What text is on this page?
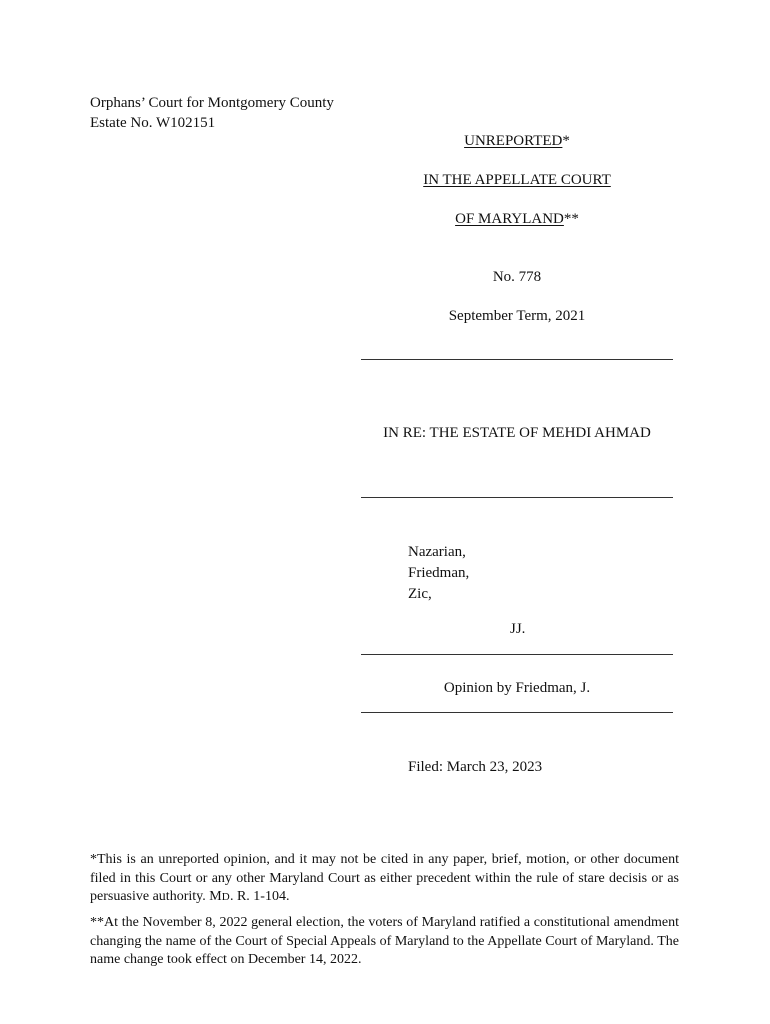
Orphans’ Court for Montgomery County
Estate No. W102151
UNREPORTED*
IN THE APPELLATE COURT
OF MARYLAND**
No. 778
September Term, 2021
IN RE: THE ESTATE OF MEHDI AHMAD
Nazarian,
Friedman,
Zic,
JJ.
Opinion by Friedman, J.
Filed: March 23, 2023
*This is an unreported opinion, and it may not be cited in any paper, brief, motion, or other document filed in this Court or any other Maryland Court as either precedent within the rule of stare decisis or as persuasive authority. MD. R. 1-104.
**At the November 8, 2022 general election, the voters of Maryland ratified a constitutional amendment changing the name of the Court of Special Appeals of Maryland to the Appellate Court of Maryland. The name change took effect on December 14, 2022.
